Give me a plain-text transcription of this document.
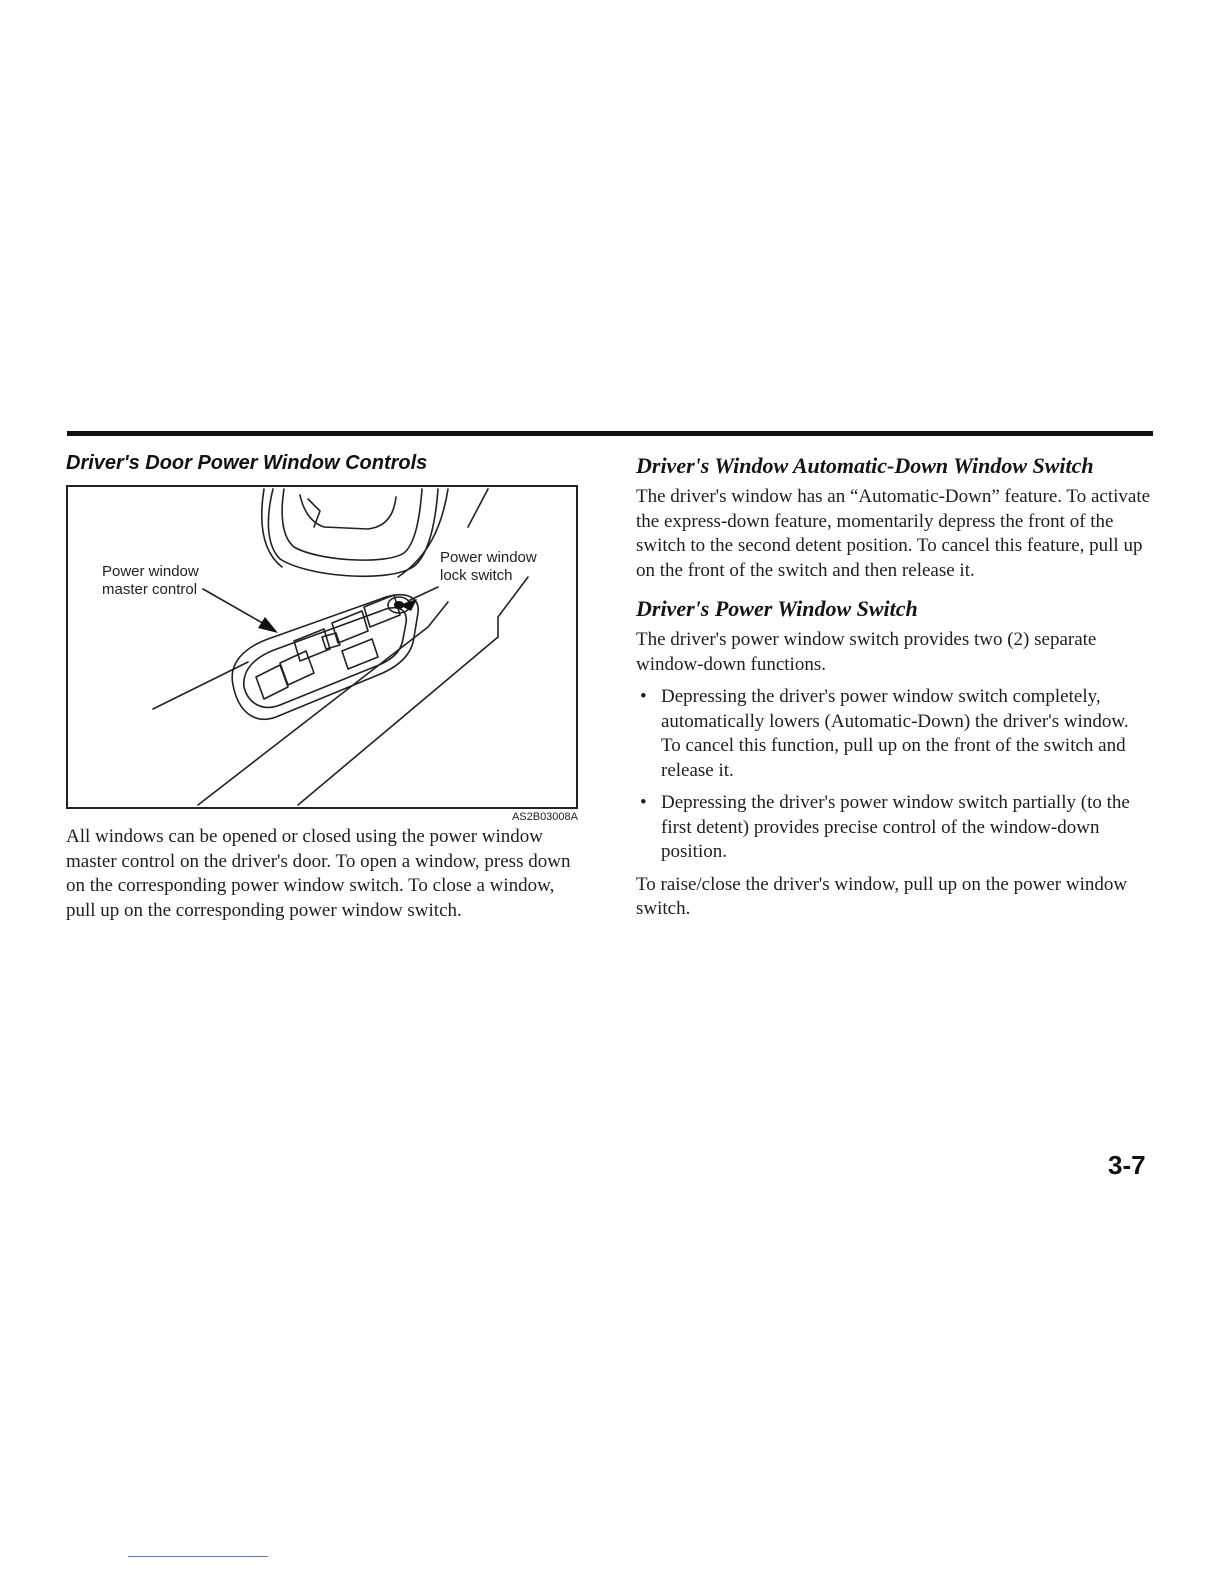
Driver's Door Power Window Controls
Power window
master control
Power window
lock switch
AS2B03008A

All windows can be opened or closed using the power window master control on the driver's door. To open a window, press down on the corresponding power window switch. To close a window, pull up on the corresponding power window switch.

Driver's Window Automatic-Down Window Switch

The driver's window has an “Automatic-Down” feature. To activate the express-down feature, momentarily depress the front of the switch to the second detent position. To cancel this feature, pull up on the front of the switch and then release it.

Driver's Power Window Switch

The driver's power window switch provides two (2) separate window-down functions.

• Depressing the driver's power window switch completely, automatically lowers (Automatic-Down) the driver's window. To cancel this function, pull up on the front of the switch and release it.
• Depressing the driver's power window switch partially (to the first detent) provides precise control of the window-down position.

To raise/close the driver's window, pull up on the power window switch.

3-7
